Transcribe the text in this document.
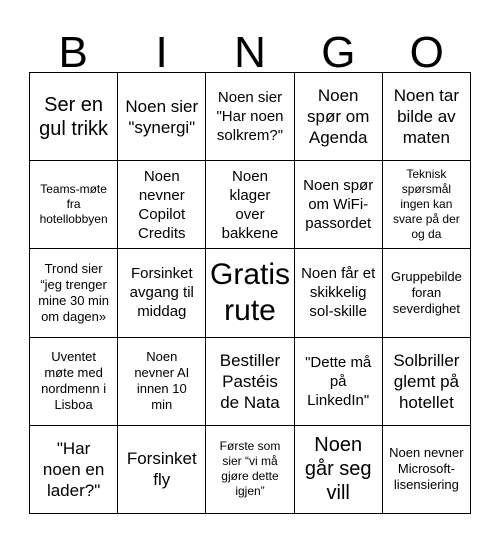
B	I	N	G	O
Ser en gul trikk
Noen sier "synergi"
Noen sier "Har noen solkrem?"
Noen spør om Agenda
Noen tar bilde av maten
Teams-møte fra hotellobbyen
Noen nevner Copilot Credits
Noen klager over bakkene
Noen spør om WiFi-passordet
Teknisk spørsmål ingen kan svare på der og da
Trond sier “jeg trenger mine 30 min om dagen»
Forsinket avgang til middag
Gratis rute
Noen får et skikkelig sol-skille
Gruppebilde foran severdighet
Uventet møte med nordmenn i Lisboa
Noen nevner AI innen 10 min
Bestiller Pastéis de Nata
"Dette må på LinkedIn"
Solbriller glemt på hotellet
"Har noen en lader?"
Forsinket fly
Første som sier “vi må gjøre dette igjen”
Noen går seg vill
Noen nevner Microsoft-lisensiering
